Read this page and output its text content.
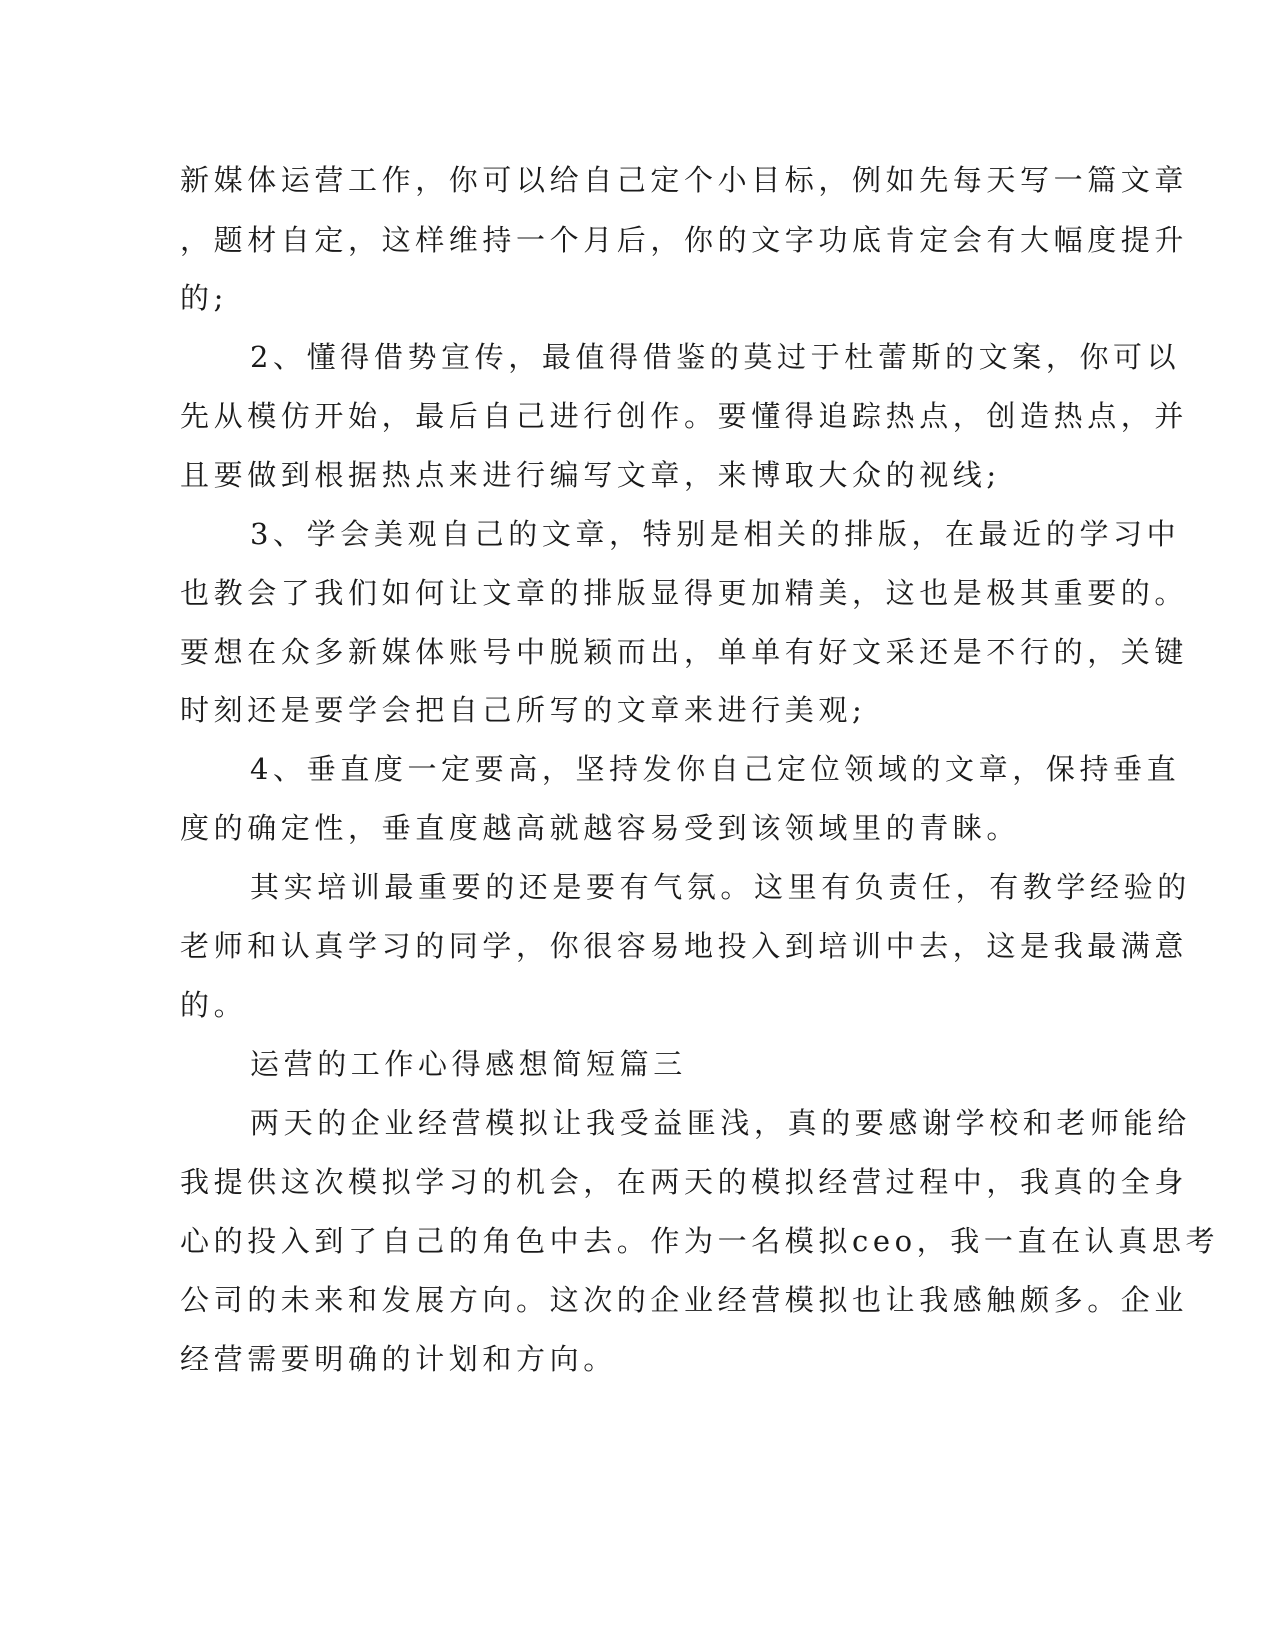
新媒体运营工作，你可以给自己定个小目标，例如先每天写一篇文章
，题材自定，这样维持一个月后，你的文字功底肯定会有大幅度提升
的;
2、懂得借势宣传，最值得借鉴的莫过于杜蕾斯的文案，你可以
先从模仿开始，最后自己进行创作。要懂得追踪热点，创造热点，并
且要做到根据热点来进行编写文章，来博取大众的视线;
3、学会美观自己的文章，特别是相关的排版，在最近的学习中
也教会了我们如何让文章的排版显得更加精美，这也是极其重要的。
要想在众多新媒体账号中脱颖而出，单单有好文采还是不行的，关键
时刻还是要学会把自己所写的文章来进行美观;
4、垂直度一定要高，坚持发你自己定位领域的文章，保持垂直
度的确定性，垂直度越高就越容易受到该领域里的青睐。
其实培训最重要的还是要有气氛。这里有负责任，有教学经验的
老师和认真学习的同学，你很容易地投入到培训中去，这是我最满意
的。
运营的工作心得感想简短篇三
两天的企业经营模拟让我受益匪浅，真的要感谢学校和老师能给
我提供这次模拟学习的机会，在两天的模拟经营过程中，我真的全身
心的投入到了自己的角色中去。作为一名模拟ceo，我一直在认真思考
公司的未来和发展方向。这次的企业经营模拟也让我感触颇多。企业
经营需要明确的计划和方向。
